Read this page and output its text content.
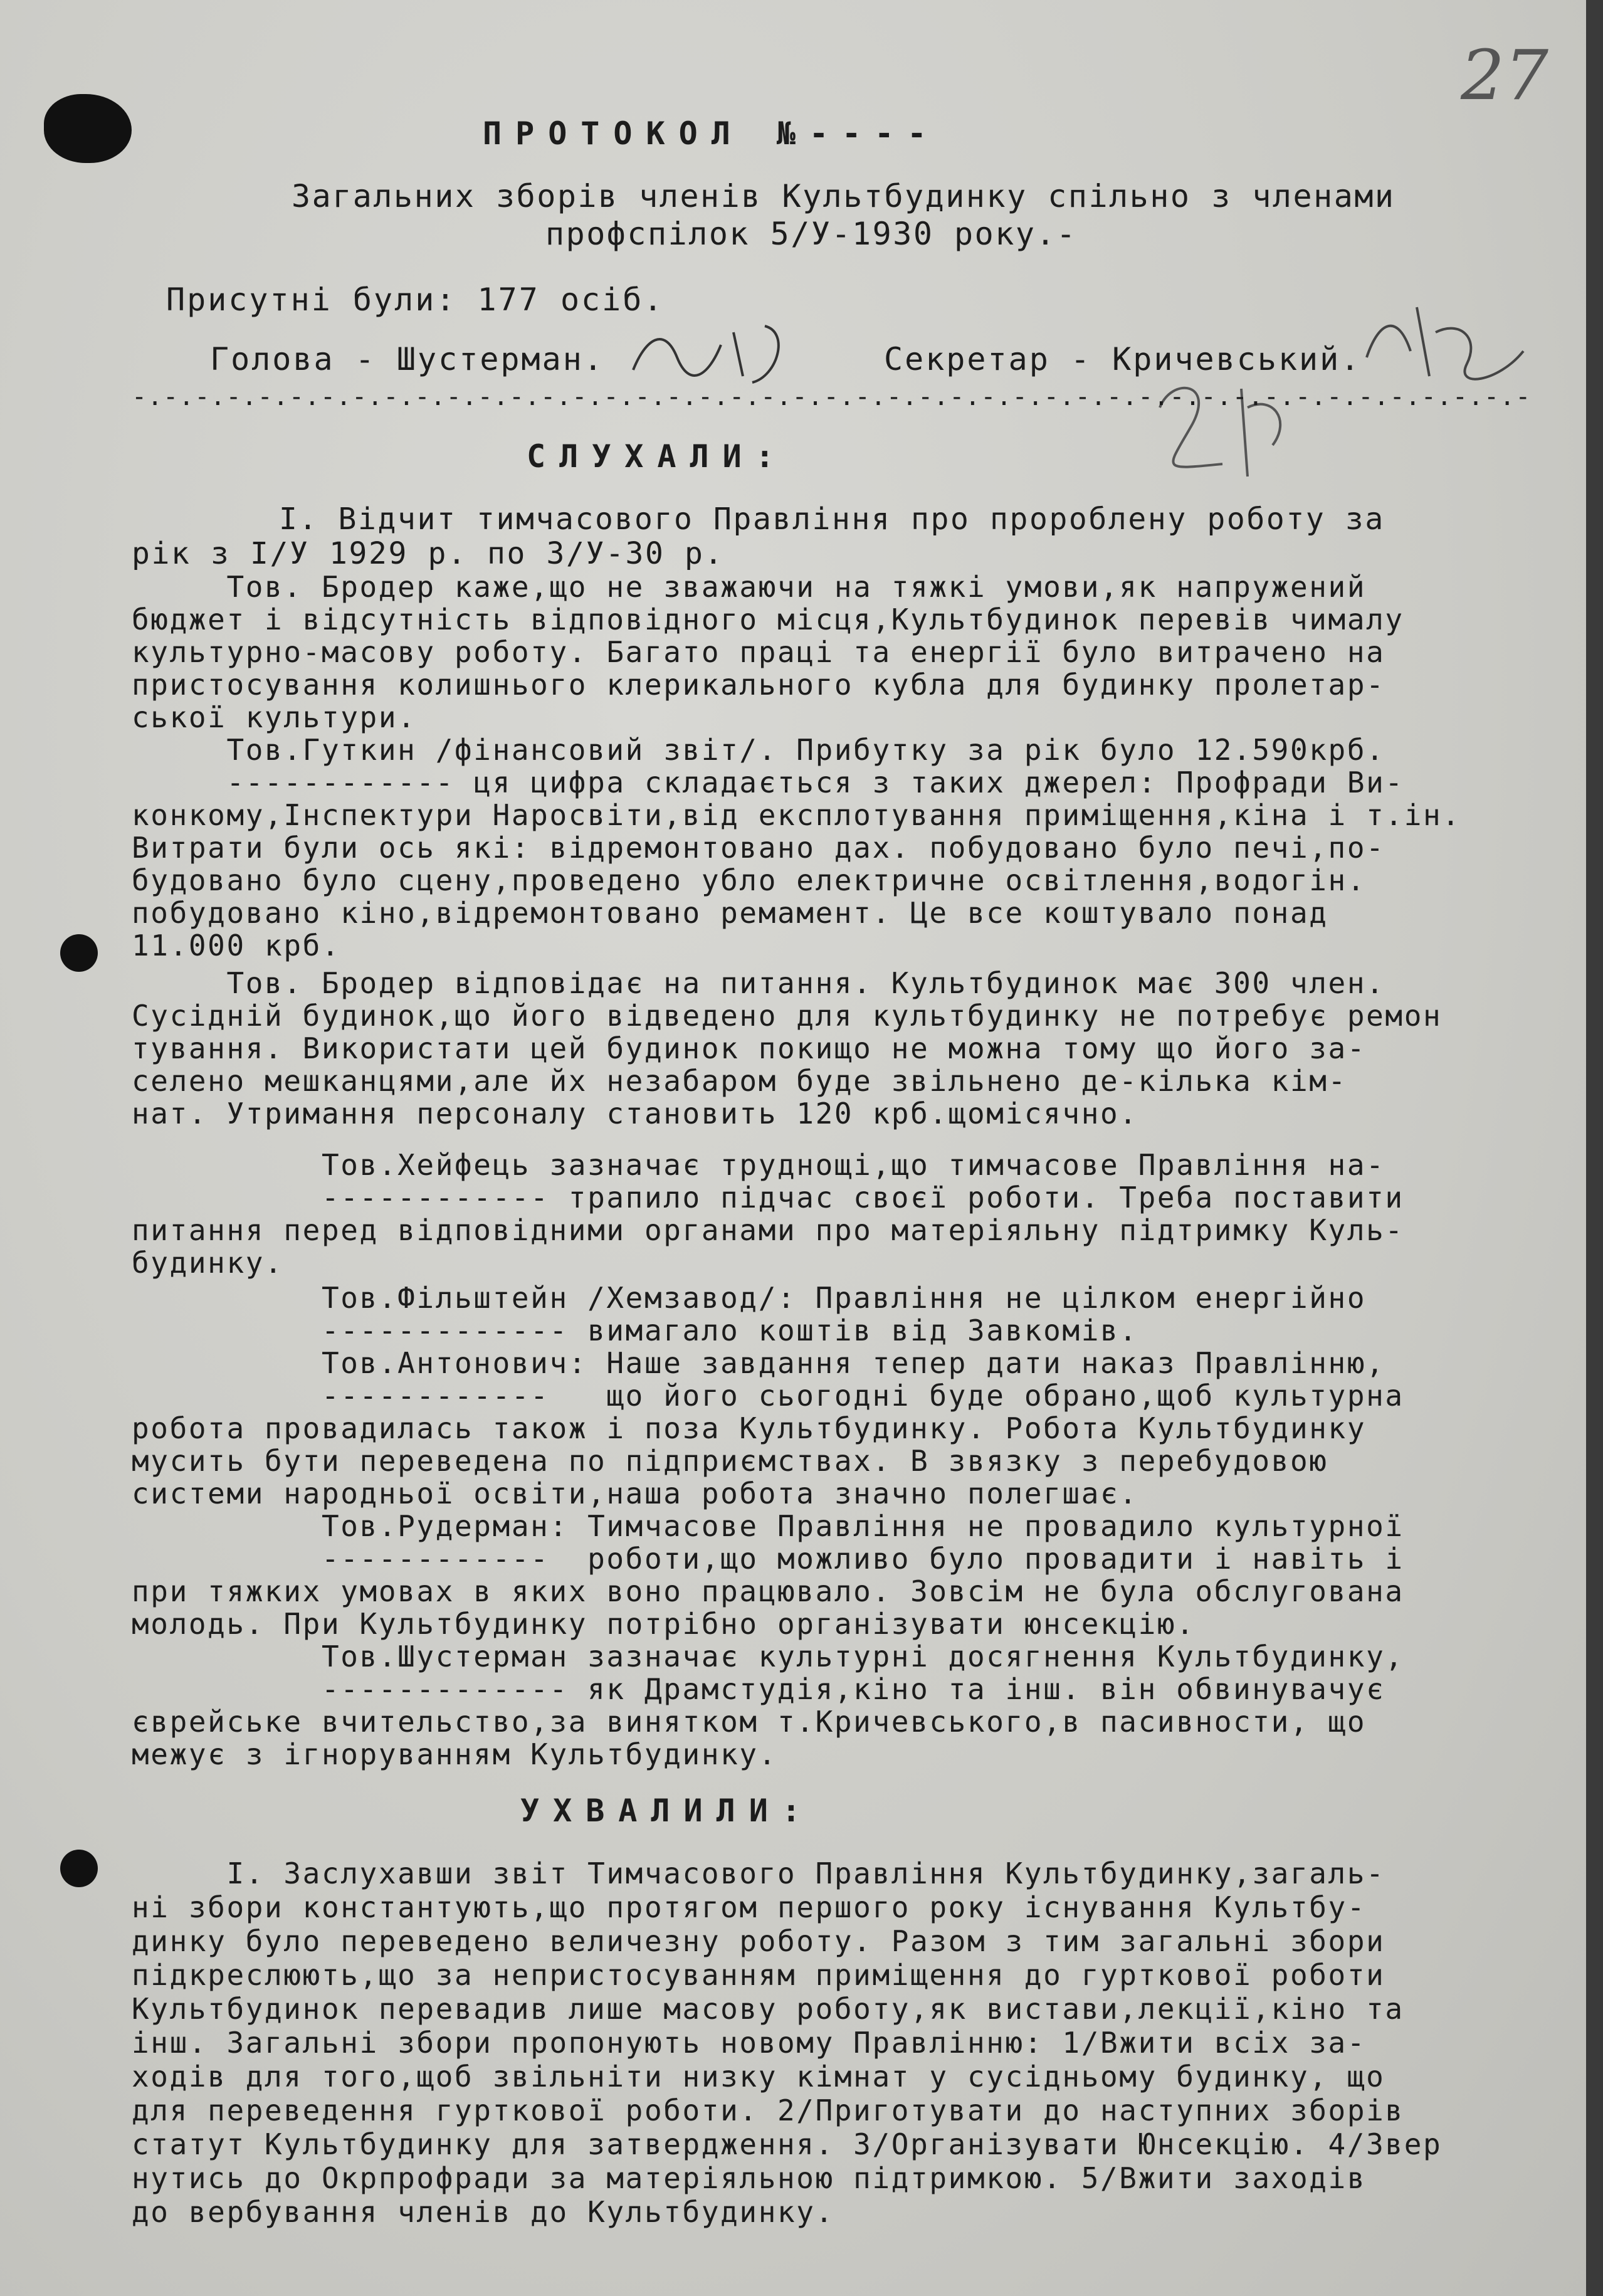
27
ПРОТОКОЛ №----
Загальних зборів членів Культбудинку спільно з членами
профспілок 5/У-1930 року.-
Присутні були: 177 осіб.
Голова - Шустерман.	Секретар - Кричевський.
-.-.-.-.-.-.-.-.-.-.-.-.-.-.-.-.-.-.-.-.-.-.-.-.-.-.-.-.-.-.-.-.-.-.-.-.-.-.-.-.-.-.-.-.-
СЛУХАЛИ:
І. Відчит тимчасового Правління про пророблену роботу за
рік з І/У 1929 р. по 3/У-30 р.
Тов. Бродер каже,що не зважаючи на тяжкі умови,як напружений
бюджет і відсутність відповідного місця,Культбудинок перевів чималу
культурно-масову роботу. Багато праці та енергії було витрачено на
пристосування колишнього клерикального кубла для будинку пролетар-
ської культури.
Тов.Гуткин /фінансовий звіт/. Прибутку за рік було 12.590крб.
------------ ця цифра складається з таких джерел: Профради Ви-
конкому,Інспектури Наросвіти,від експлотування приміщення,кіна і т.ін.
Витрати були ось які: відремонтовано дах. побудовано було печі,по-
будовано було сцену,проведено убло електричне освітлення,водогін.
побудовано кіно,відремонтовано ремамент. Це все коштувало понад
11.000 крб.
Тов. Бродер відповідає на питання. Культбудинок має 300 член.
Сусідній будинок,що його відведено для культбудинку не потребує ремон
тування. Використати цей будинок покищо не можна тому що його за-
селено мешканцями,але йх незабаром буде звільнено де-кілька кім-
нат. Утримання персоналу становить 120 крб.щомісячно.
Тов.Хейфець зазначає труднощі,що тимчасове Правління на-
------------ трапило підчас своєї роботи. Треба поставити
питання перед відповідними органами про матеріяльну підтримку Куль-
будинку.
Тов.Фільштейн /Хемзавод/: Правління не цілком енергійно
------------- вимагало коштів від Завкомів.
Тов.Антонович: Наше завдання тепер дати наказ Правлінню,
------------   що його сьогодні буде обрано,щоб культурна
робота провадилась також і поза Культбудинку. Робота Культбудинку
мусить бути переведена по підприємствах. В звязку з перебудовою
системи народньої освіти,наша робота значно полегшає.
Тов.Рудерман: Тимчасове Правління не провадило культурної
------------  роботи,що можливо було провадити і навіть і
при тяжких умовах в яких воно працювало. Зовсім не була обслугована
молодь. При Культбудинку потрібно організувати юнсекцію.
Тов.Шустерман зазначає культурні досягнення Культбудинку,
------------- як Драмстудія,кіно та інш. він обвинувачує
єврейське вчительство,за винятком т.Кричевського,в пасивности, що
межує з ігноруванням Культбудинку.
УХВАЛИЛИ:
І. Заслухавши звіт Тимчасового Правління Культбудинку,загаль-
ні збори константують,що протягом першого року існування Культбу-
динку було переведено величезну роботу. Разом з тим загальні збори
підкреслюють,що за непристосуванням приміщення до гурткової роботи
Культбудинок перевадив лише масову роботу,як вистави,лекції,кіно та
інш. Загальні збори пропонують новому Правлінню: 1/Вжити всіх за-
ходів для того,щоб звільніти низку кімнат у сусідньому будинку, що
для переведення гурткової роботи. 2/Приготувати до наступних зборів
статут Культбудинку для затвердження. 3/Організувати Юнсекцію. 4/Звер
нутись до Окрпрофради за матеріяльною підтримкою. 5/Вжити заходів
до вербування членів до Культбудинку.
